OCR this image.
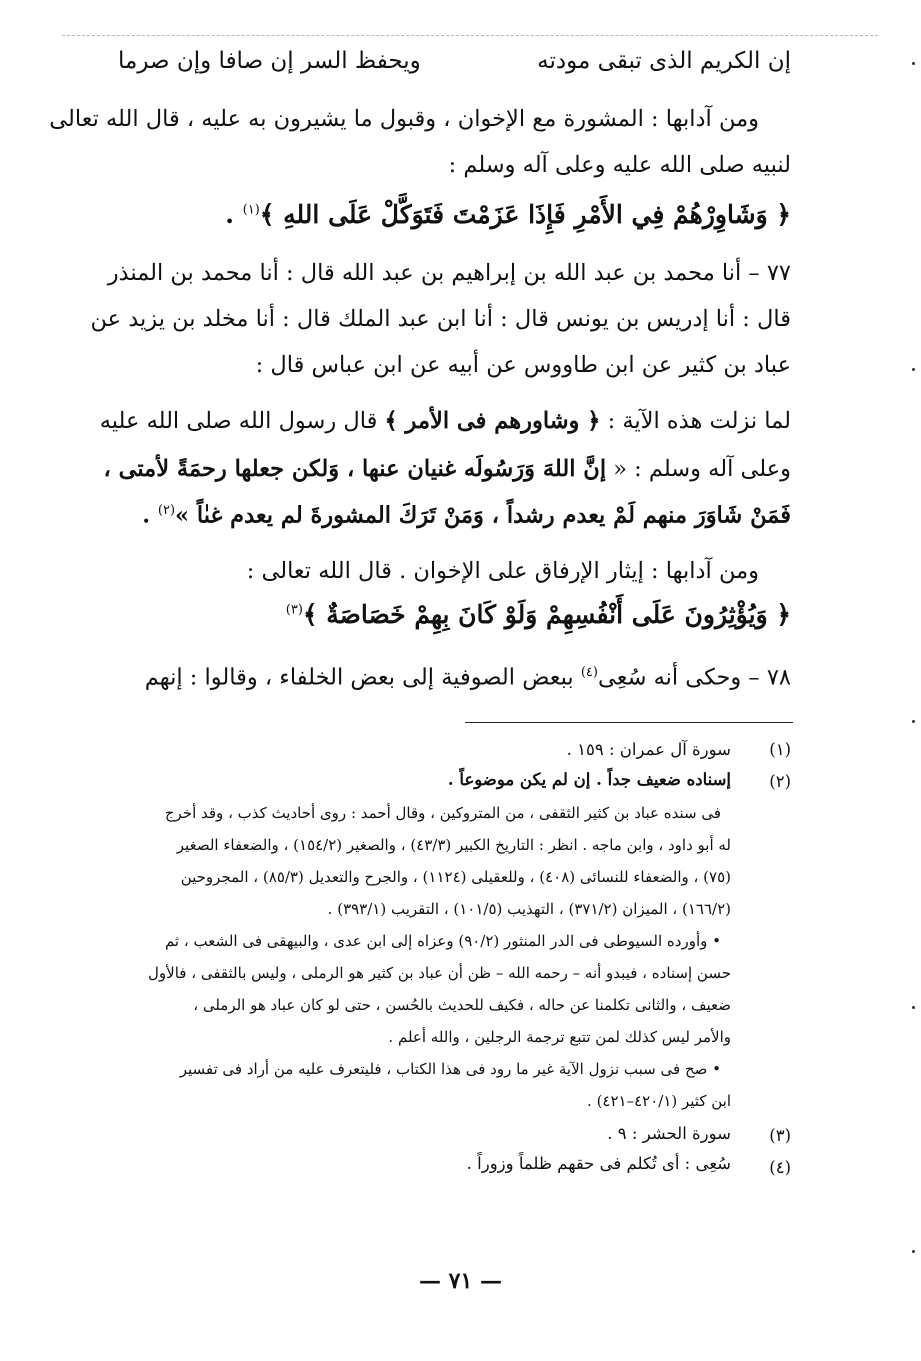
إن الكريم الذى تبقى مودته
ويحفظ السر إن صافا وإن صرما
ومن آدابها : المشورة مع الإخوان ، وقبول ما يشيرون به عليه ، قال الله تعالى
لنبيه صلى الله عليه وعلى آله وسلم :
﴿ وَشَاوِرْهُمْ فِي الأَمْرِ فَإِذَا عَزَمْتَ فَتَوَكَّلْ عَلَى اللهِ ﴾$^{(١)}$ .
٧٧ – أنا محمد بن عبد الله بن إبراهيم بن عبد الله قال : أنا محمد بن المنذر
قال : أنا إدريس بن يونس قال : أنا ابن عبد الملك قال : أنا مخلد بن يزيد عن
عباد بن كثير عن ابن طاووس عن أبيه عن ابن عباس قال :
لما نزلت هذه الآية : ﴿ وشاورهم فى الأمر ﴾ قال رسول الله صلى الله عليه
وعلى آله وسلم : « إنَّ اللهَ وَرَسُولَه غنيان عنها ، وَلكن جعلها رحمَةً لأمتى ،
فَمَنْ شَاوَرَ منهم لَمْ يعدم رشداً ، وَمَنْ تَرَكَ المشورةَ لم يعدم غىٰاً »$^{(٢)}$ .
ومن آدابها : إيثار الإرفاق على الإخوان . قال الله تعالى :
﴿ وَيُؤْثِرُونَ عَلَى أَنْفُسِهِمْ وَلَوْ كَانَ بِهِمْ خَصَاصَةٌ ﴾$^{(٣)}$
٧٨ – وحكى أنه سُعِى$^{(٤)}$ ببعض الصوفية إلى بعض الخلفاء ، وقالوا : إنهم
(١)
سورة آل عمران : ١٥٩ .
(٢)
إسناده ضعيف جداً . إن لم يكن موضوعاً .
فى سنده عباد بن كثير الثقفى ، من المتروكين ، وقال أحمد : روى أحاديث كذب ، وقد أخرج
له أبو داود ، وابن ماجه . انظر : التاريخ الكبير (٤٣/٣) ، والصغير (١٥٤/٢) ، والضعفاء الصغير
(٧٥) ، والضعفاء للنسائى (٤٠٨) ، وللعقيلى (١١٢٤) ، والجرح والتعديل (٨٥/٣) ، المجروحين
(١٦٦/٢) ، الميزان (٣٧١/٢) ، التهذيب (١٠١/٥) ، التقريب (٣٩٣/١) .
• وأورده السيوطى فى الدر المنثور (٩٠/٢) وعزاه إلى ابن عدى ، والبيهقى فى الشعب ، ثم
حسن إسناده ، فيبدو أنه – رحمه الله – ظن أن عباد بن كثير هو الرملى ، وليس بالثقفى ، فالأول
ضعيف ، والثانى تكلمنا عن حاله ، فكيف للحديث بالحُسن ، حتى لو كان عباد هو الرملى ،
والأمر ليس كذلك لمن تتبع ترجمة الرجلين ، والله أعلم .
• صح فى سبب نزول الآية غير ما رود فى هذا الكتاب ، فليتعرف عليه من أراد فى تفسير
ابن كثير (٤٢٠/١–٤٢١) .
(٣)
سورة الحشر : ٩ .
(٤)
سُعِى : أى تُكلم فى حقهم ظلماً وزوراً .
— ٧١ —
